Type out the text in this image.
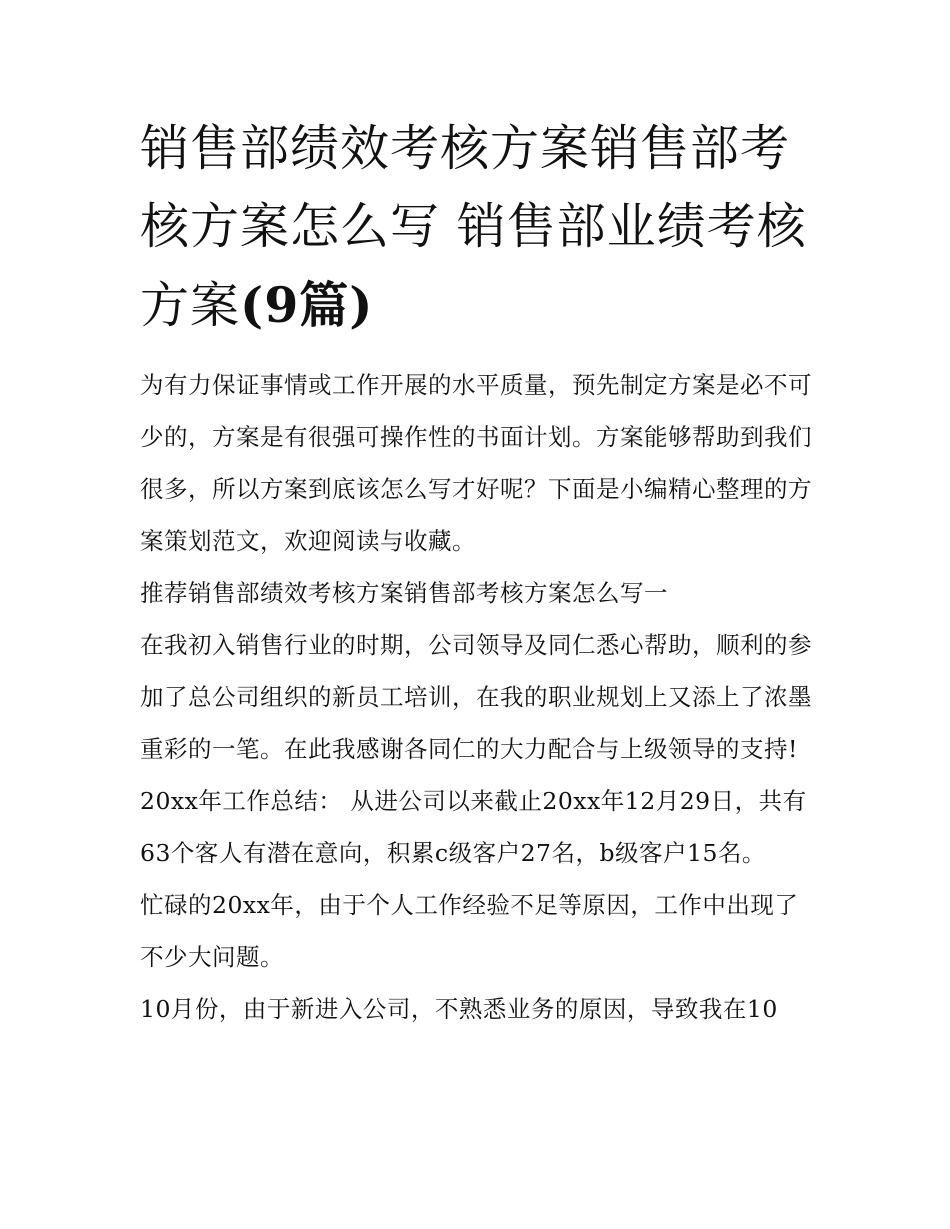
销售部绩效考核方案销售部考核方案怎么写 销售部业绩考核方案(9篇)

为有力保证事情或工作开展的水平质量，预先制定方案是必不可少的，方案是有很强可操作性的书面计划。方案能够帮助到我们很多，所以方案到底该怎么写才好呢？下面是小编精心整理的方案策划范文，欢迎阅读与收藏。

推荐销售部绩效考核方案销售部考核方案怎么写一

在我初入销售行业的时期，公司领导及同仁悉心帮助，顺利的参加了总公司组织的新员工培训，在我的职业规划上又添上了浓墨重彩的一笔。在此我感谢各同仁的大力配合与上级领导的支持!

20xx年工作总结： 从进公司以来截止20xx年12月29日，共有63个客人有潜在意向，积累c级客户27名，b级客户15名。

忙碌的20xx年，由于个人工作经验不足等原因，工作中出现了不少大问题。

10月份，由于新进入公司，不熟悉业务的原因，导致我在10
